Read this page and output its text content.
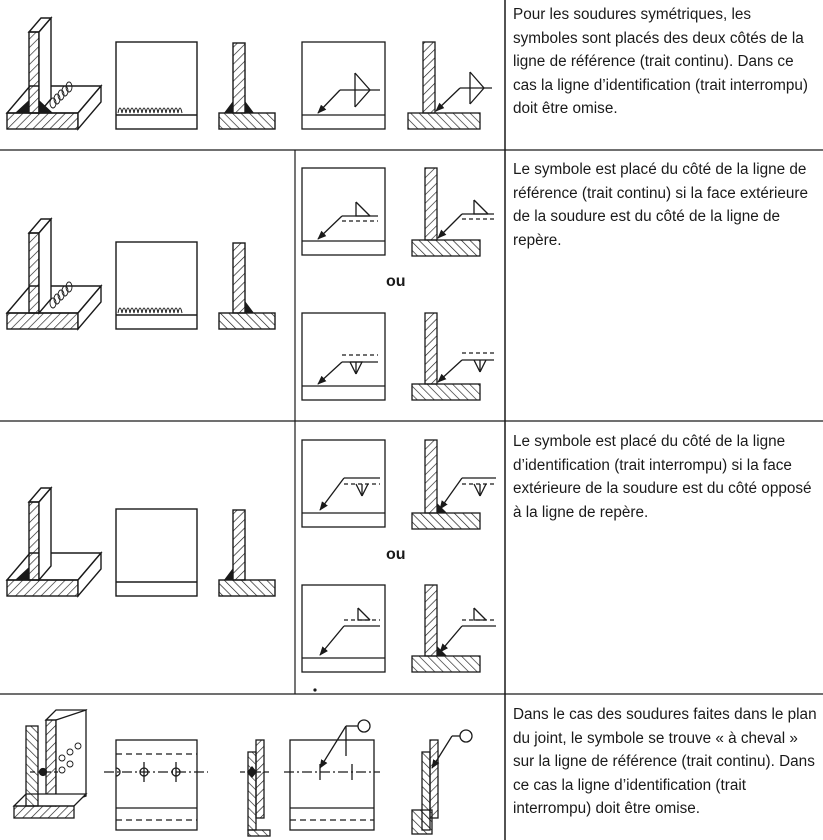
Pour les soudures symétriques, les symboles sont placés des deux côtés de la ligne de référence (trait continu). Dans ce cas la ligne d’identification (trait interrompu) doit être omise.

Le symbole est placé du côté de la ligne de référence (trait continu) si la face extérieure de la soudure est du côté de la ligne de repère.

Le symbole est placé du côté de la ligne d’identification (trait interrompu) si la face extérieure de la soudure est du côté opposé à la ligne de repère.

Dans le cas des soudures faites dans le plan du joint, le symbole se trouve « à cheval » sur la ligne de référence (trait continu). Dans ce cas la ligne d’identification (trait interrompu) doit être omise.

ou
ou
